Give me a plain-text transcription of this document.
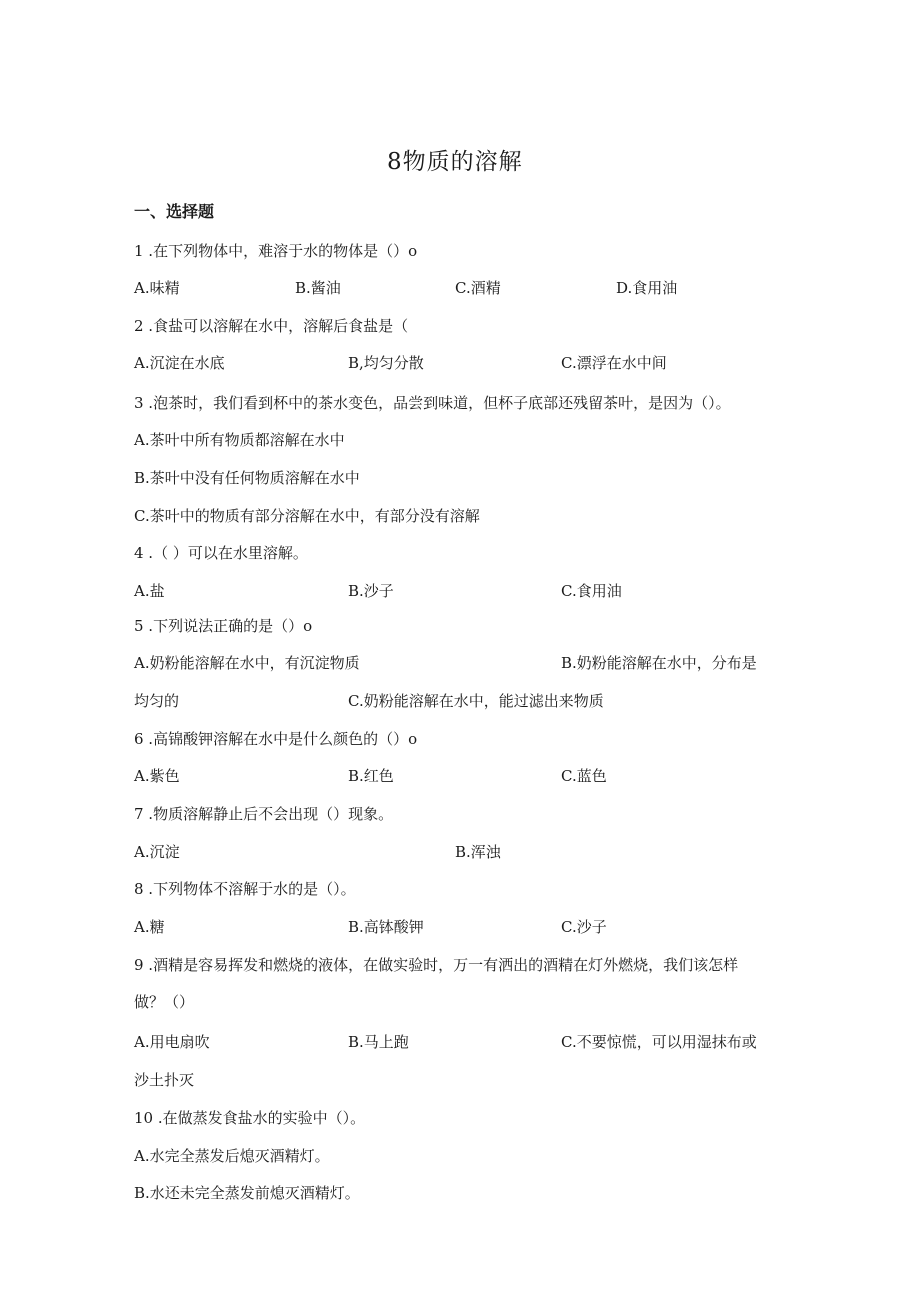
8物质的溶解
一、选择题
1 .在下列物体中，难溶于水的物体是（）o
A.味精	B.酱油	C.酒精	D.食用油
2 .食盐可以溶解在水中，溶解后食盐是（
A.沉淀在水底	B,均匀分散	C.漂浮在水中间
3 .泡茶时，我们看到杯中的茶水变色，品尝到味道，但杯子底部还残留茶叶，是因为（）。
A.茶叶中所有物质都溶解在水中
B.茶叶中没有任何物质溶解在水中
C.茶叶中的物质有部分溶解在水中，有部分没有溶解
4 .（ ）可以在水里溶解。
A.盐	B.沙子	C.食用油
5 .下列说法正确的是（）o
A.奶粉能溶解在水中，有沉淀物质	B.奶粉能溶解在水中，分布是
均匀的	C.奶粉能溶解在水中，能过滤出来物质
6 .高锦酸钾溶解在水中是什么颜色的（）o
A.紫色	B.红色	C.蓝色
7 .物质溶解静止后不会出现（）现象。
A.沉淀	B.浑浊
8 .下列物体不溶解于水的是（）。
A.糖	B.高钵酸钾	C.沙子
9 .酒精是容易挥发和燃烧的液体，在做实验时，万一有洒出的酒精在灯外燃烧，我们该怎样
做？（）
A.用电扇吹	B.马上跑	C.不要惊慌，可以用湿抹布或
沙土扑灭
10 .在做蒸发食盐水的实验中（）。
A.水完全蒸发后熄灭酒精灯。
B.水还未完全蒸发前熄灭酒精灯。
